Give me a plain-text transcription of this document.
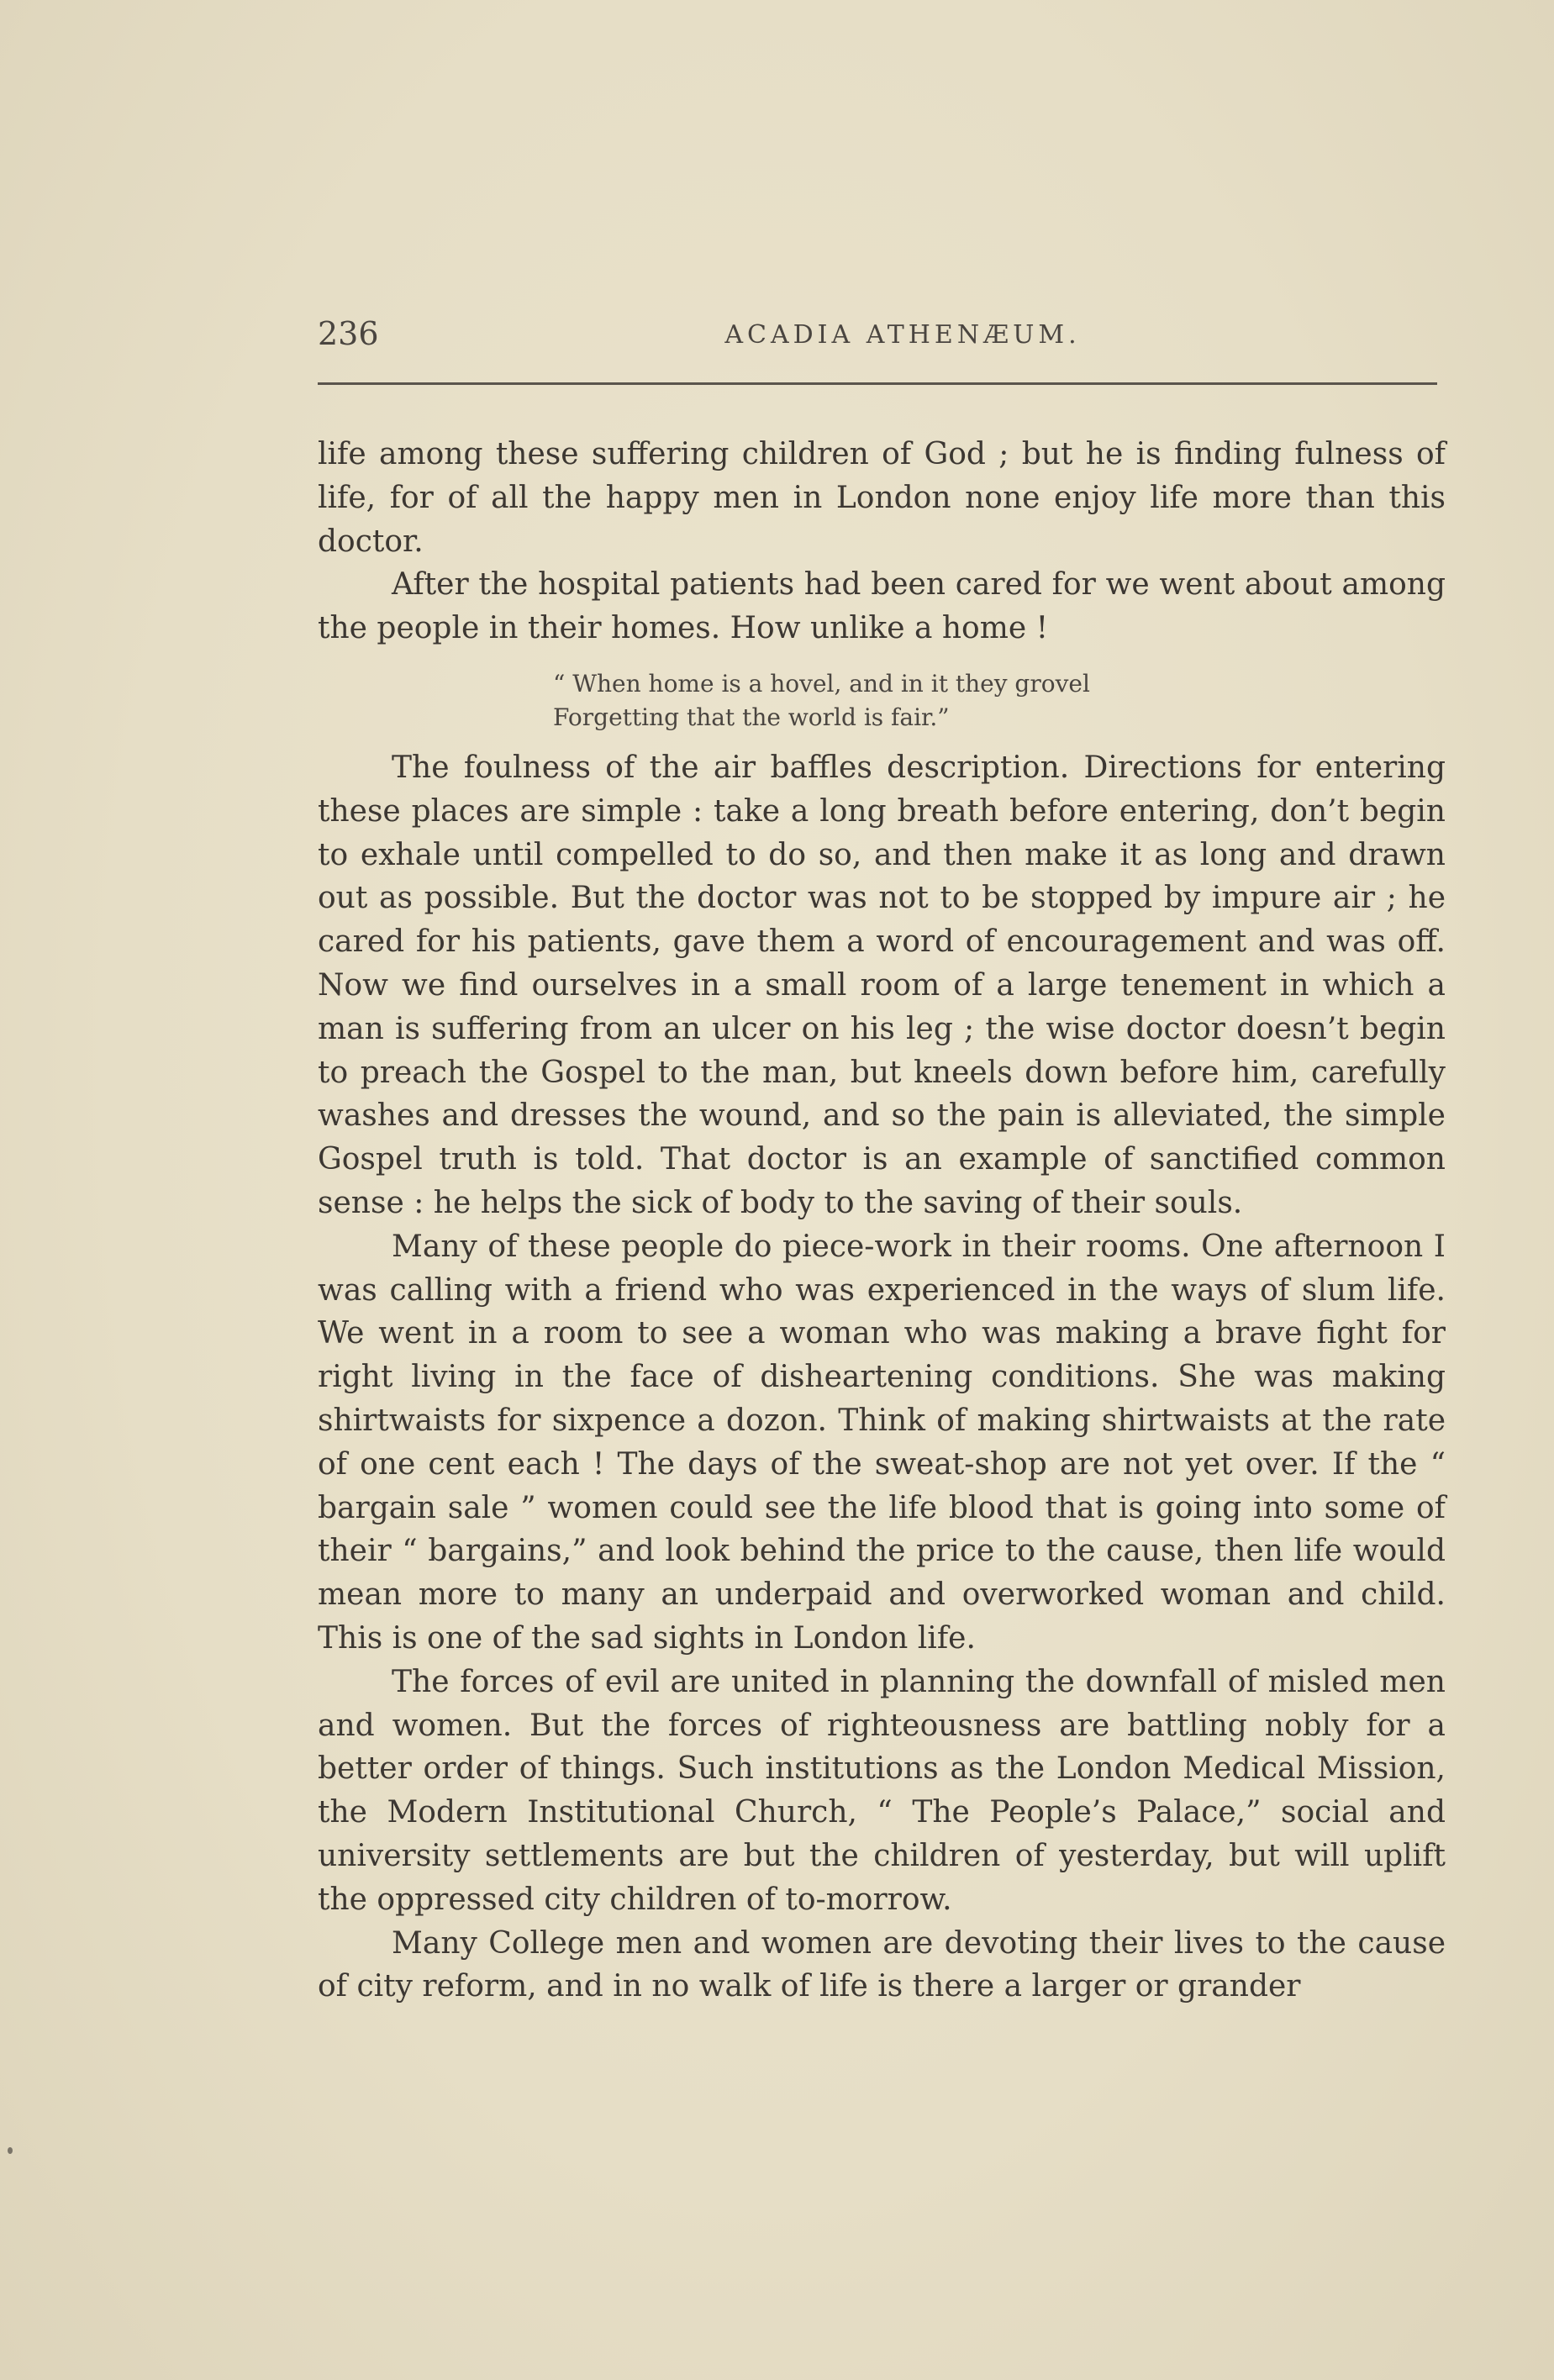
236	ACADIA ATHENÆUM.

life among these suffering children of God ; but he is finding fulness of life, for of all the happy men in London none enjoy life more than this doctor.

After the hospital patients had been cared for we went about among the people in their homes. How unlike a home !

“ When home is a hovel, and in it they grovel
Forgetting that the world is fair.”

The foulness of the air baffles description. Directions for entering these places are simple : take a long breath before entering, don’t begin to exhale until compelled to do so, and then make it as long and drawn out as possible. But the doctor was not to be stopped by impure air ; he cared for his patients, gave them a word of encouragement and was off. Now we find ourselves in a small room of a large tenement in which a man is suffering from an ulcer on his leg ; the wise doctor doesn’t begin to preach the Gospel to the man, but kneels down before him, carefully washes and dresses the wound, and so the pain is alleviated, the simple Gospel truth is told. That doctor is an example of sanctified common sense : he helps the sick of body to the saving of their souls.

Many of these people do piece-work in their rooms. One afternoon I was calling with a friend who was experienced in the ways of slum life. We went in a room to see a woman who was making a brave fight for right living in the face of disheartening conditions. She was making shirtwaists for sixpence a dozon. Think of making shirtwaists at the rate of one cent each ! The days of the sweat-shop are not yet over. If the “ bargain sale ” women could see the life blood that is going into some of their “ bargains,” and look behind the price to the cause, then life would mean more to many an underpaid and overworked woman and child. This is one of the sad sights in London life.

The forces of evil are united in planning the downfall of misled men and women. But the forces of righteousness are battling nobly for a better order of things. Such institutions as the London Medical Mission, the Modern Institutional Church, “ The People’s Palace,” social and university settlements are but the children of yesterday, but will uplift the oppressed city children of to-morrow.

Many College men and women are devoting their lives to the cause of city reform, and in no walk of life is there a larger or grander
